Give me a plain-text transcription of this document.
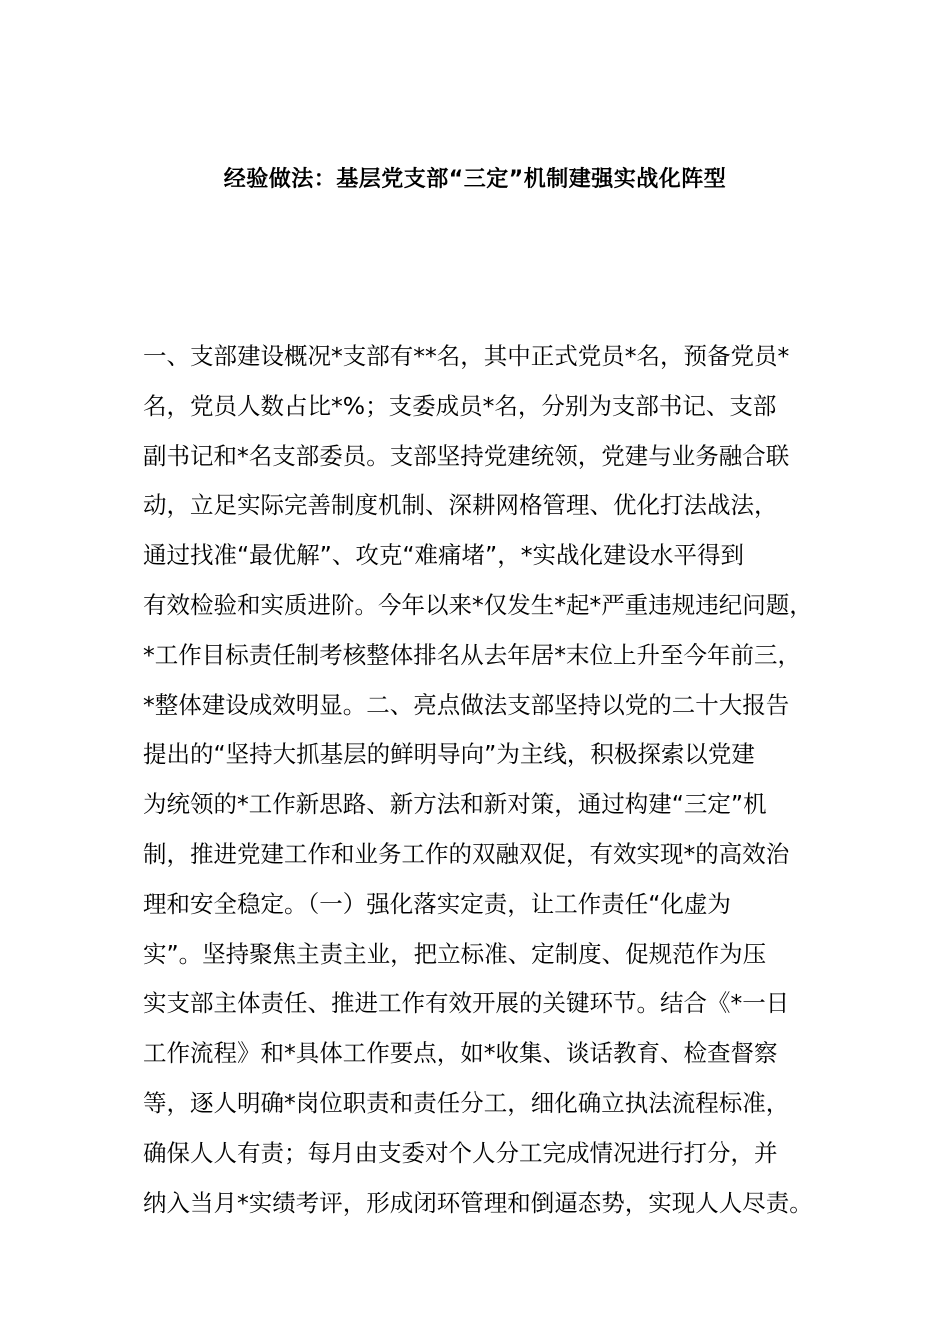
经验做法：基层党支部“三定”机制建强实战化阵型
一、支部建设概况*支部有**名，其中正式党员*名，预备党员*
名，党员人数占比*%；支委成员*名，分别为支部书记、支部
副书记和*名支部委员。支部坚持党建统领，党建与业务融合联
动，立足实际完善制度机制、深耕网格管理、优化打法战法，
通过找准“最优解”、攻克“难痛堵”，*实战化建设水平得到
有效检验和实质进阶。今年以来*仅发生*起*严重违规违纪问题，
*工作目标责任制考核整体排名从去年居*末位上升至今年前三，
*整体建设成效明显。二、亮点做法支部坚持以党的二十大报告
提出的“坚持大抓基层的鲜明导向”为主线，积极探索以党建
为统领的*工作新思路、新方法和新对策，通过构建“三定”机
制，推进党建工作和业务工作的双融双促，有效实现*的高效治
理和安全稳定。（一）强化落实定责，让工作责任“化虚为
实”。坚持聚焦主责主业，把立标准、定制度、促规范作为压
实支部主体责任、推进工作有效开展的关键环节。结合《*一日
工作流程》和*具体工作要点，如*收集、谈话教育、检查督察
等，逐人明确*岗位职责和责任分工，细化确立执法流程标准，
确保人人有责；每月由支委对个人分工完成情况进行打分，并
纳入当月*实绩考评，形成闭环管理和倒逼态势，实现人人尽责。
